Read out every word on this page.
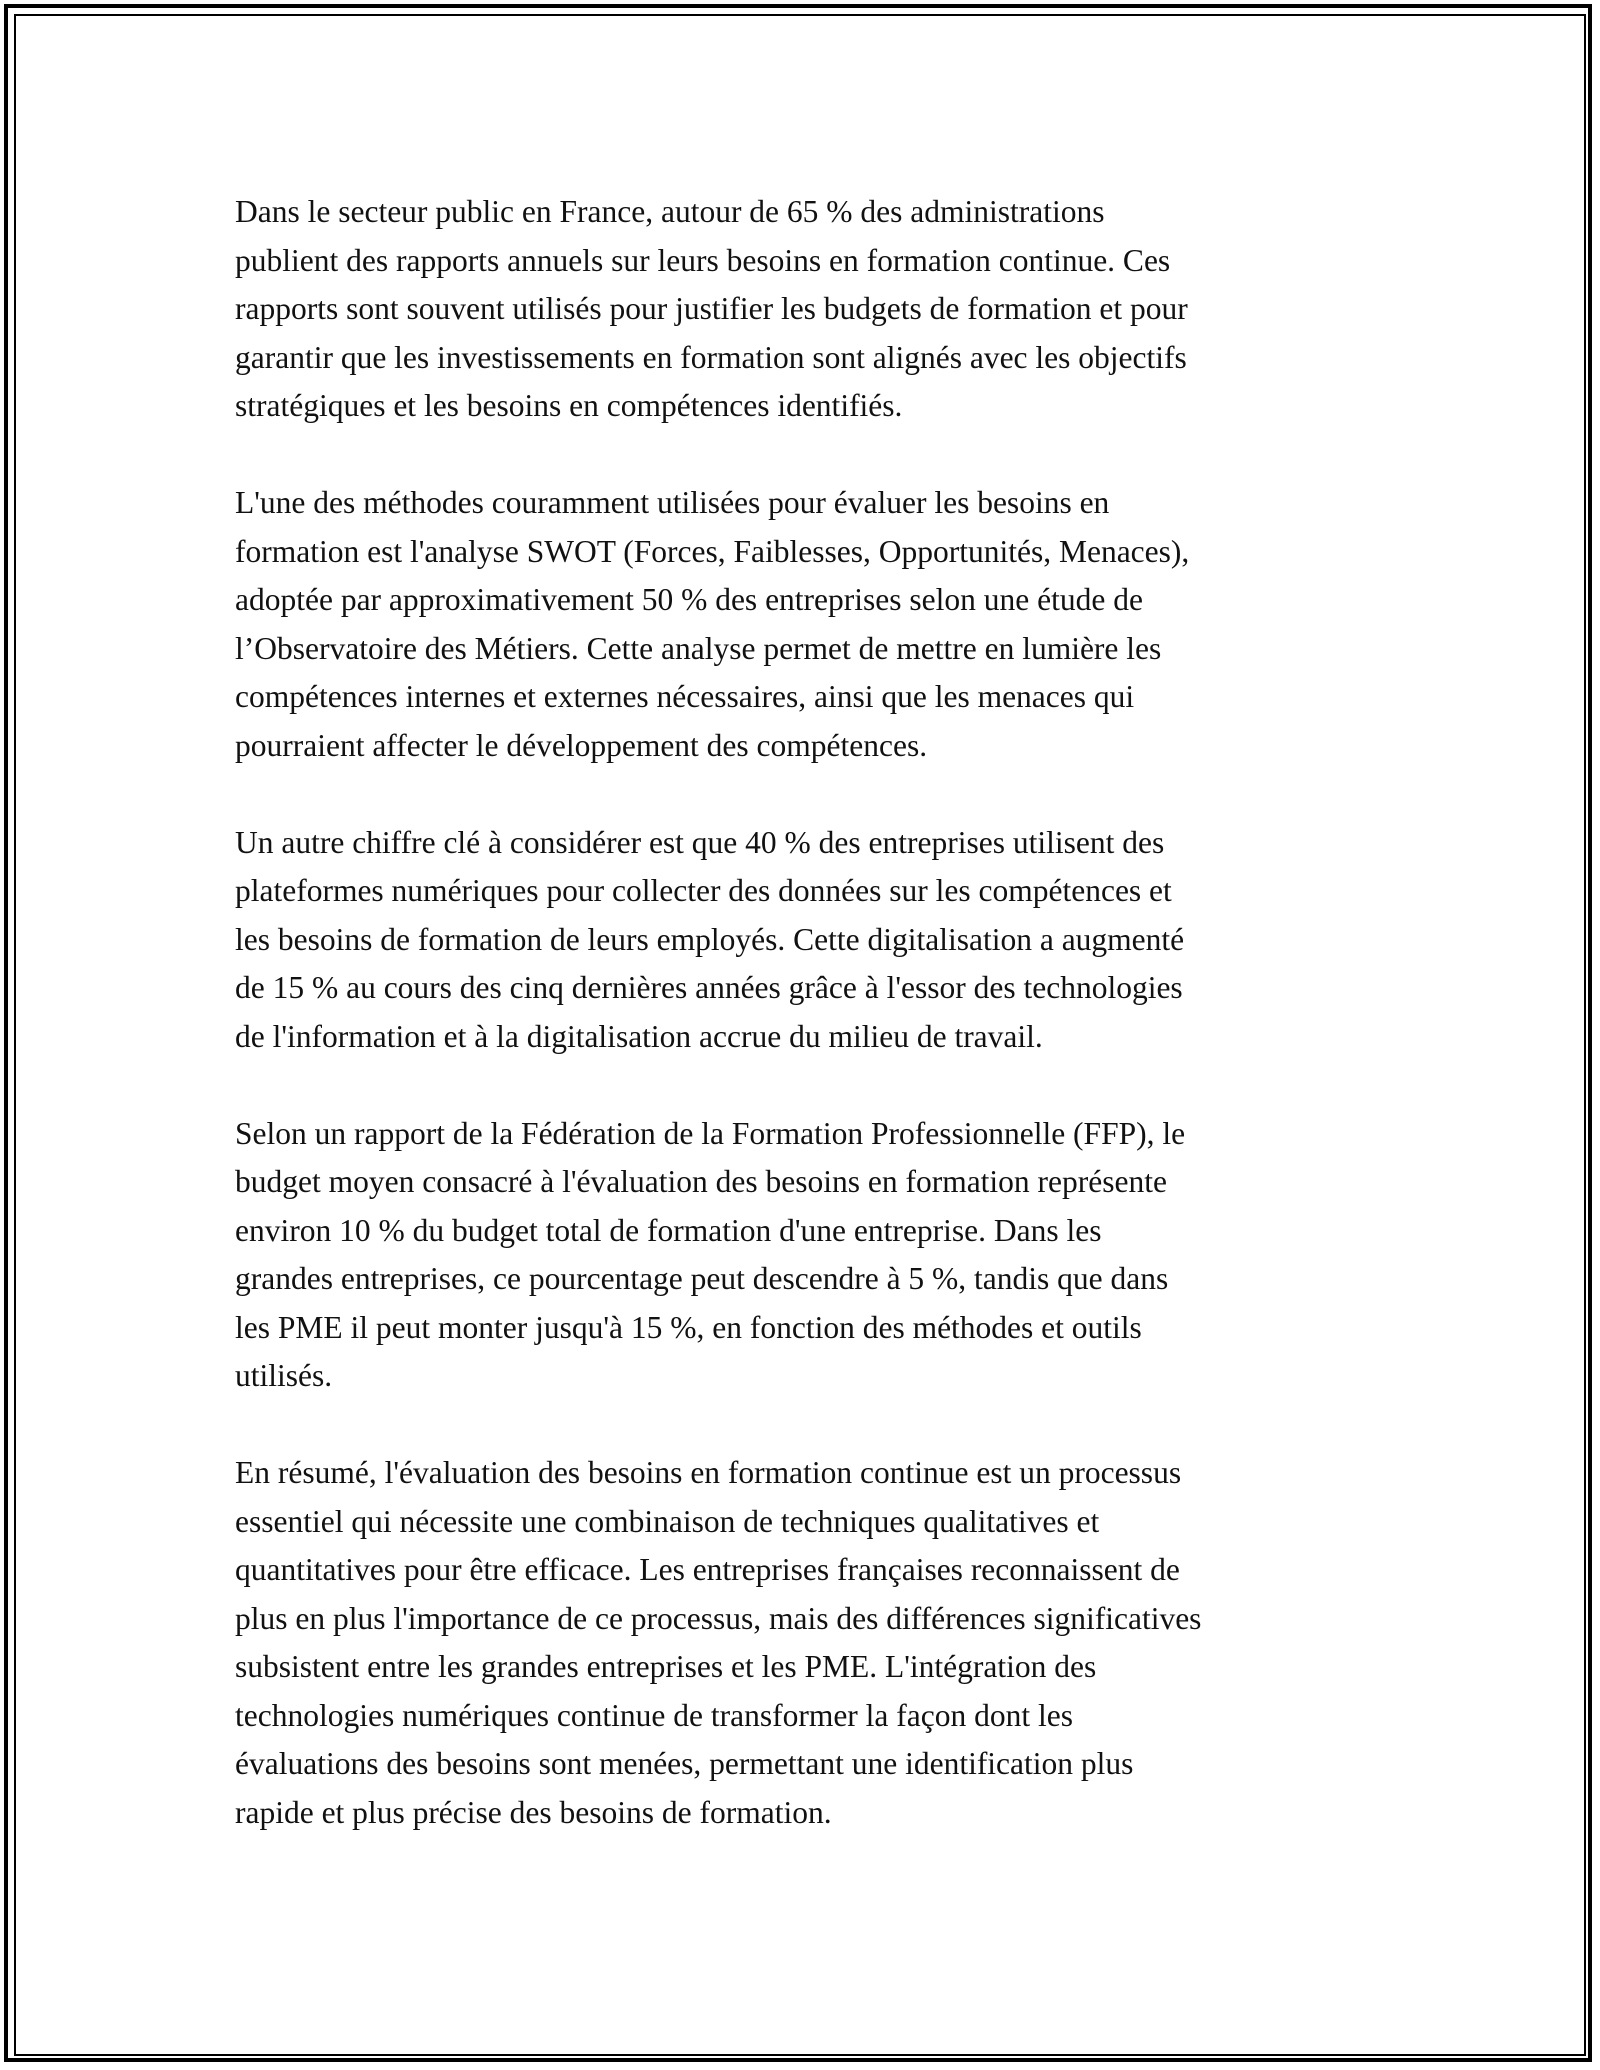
Dans le secteur public en France, autour de 65 % des administrations
publient des rapports annuels sur leurs besoins en formation continue. Ces
rapports sont souvent utilisés pour justifier les budgets de formation et pour
garantir que les investissements en formation sont alignés avec les objectifs
stratégiques et les besoins en compétences identifiés.

L'une des méthodes couramment utilisées pour évaluer les besoins en
formation est l'analyse SWOT (Forces, Faiblesses, Opportunités, Menaces),
adoptée par approximativement 50 % des entreprises selon une étude de
l’Observatoire des Métiers. Cette analyse permet de mettre en lumière les
compétences internes et externes nécessaires, ainsi que les menaces qui
pourraient affecter le développement des compétences.

Un autre chiffre clé à considérer est que 40 % des entreprises utilisent des
plateformes numériques pour collecter des données sur les compétences et
les besoins de formation de leurs employés. Cette digitalisation a augmenté
de 15 % au cours des cinq dernières années grâce à l'essor des technologies
de l'information et à la digitalisation accrue du milieu de travail.

Selon un rapport de la Fédération de la Formation Professionnelle (FFP), le
budget moyen consacré à l'évaluation des besoins en formation représente
environ 10 % du budget total de formation d'une entreprise. Dans les
grandes entreprises, ce pourcentage peut descendre à 5 %, tandis que dans
les PME il peut monter jusqu'à 15 %, en fonction des méthodes et outils
utilisés.

En résumé, l'évaluation des besoins en formation continue est un processus
essentiel qui nécessite une combinaison de techniques qualitatives et
quantitatives pour être efficace. Les entreprises françaises reconnaissent de
plus en plus l'importance de ce processus, mais des différences significatives
subsistent entre les grandes entreprises et les PME. L'intégration des
technologies numériques continue de transformer la façon dont les
évaluations des besoins sont menées, permettant une identification plus
rapide et plus précise des besoins de formation.
